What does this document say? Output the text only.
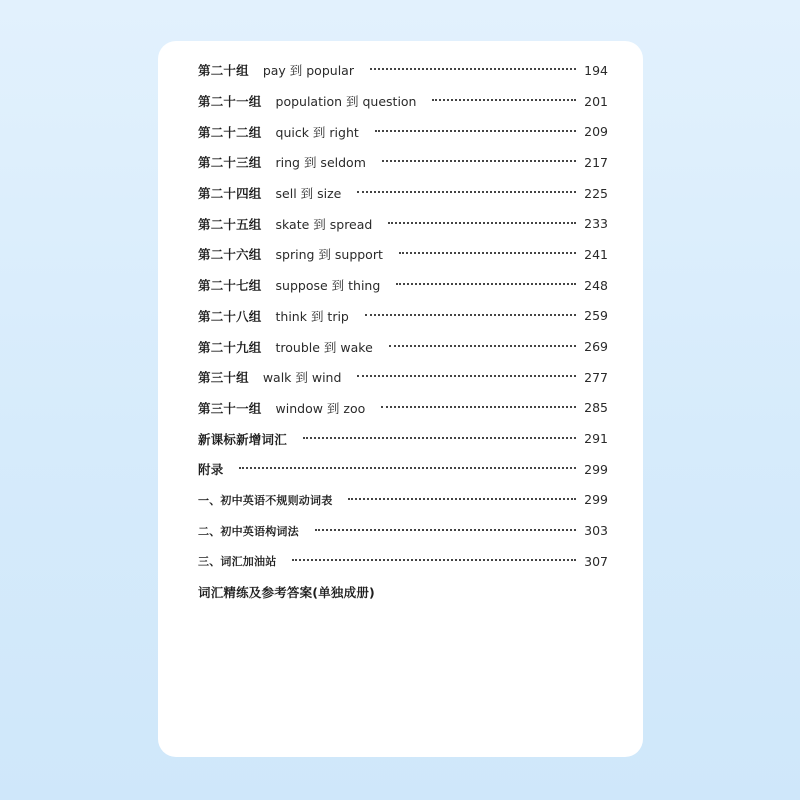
第二十组 pay 到 popular	194
第二十一组 population 到 question	201
第二十二组 quick 到 right	209
第二十三组 ring 到 seldom	217
第二十四组 sell 到 size	225
第二十五组 skate 到 spread	233
第二十六组 spring 到 support	241
第二十七组 suppose 到 thing	248
第二十八组 think 到 trip	259
第二十九组 trouble 到 wake	269
第三十组 walk 到 wind	277
第三十一组 window 到 zoo	285
新课标新增词汇	291
附录	299
一、初中英语不规则动词表	299
二、初中英语构词法	303
三、词汇加油站	307
词汇精练及参考答案(单独成册)
